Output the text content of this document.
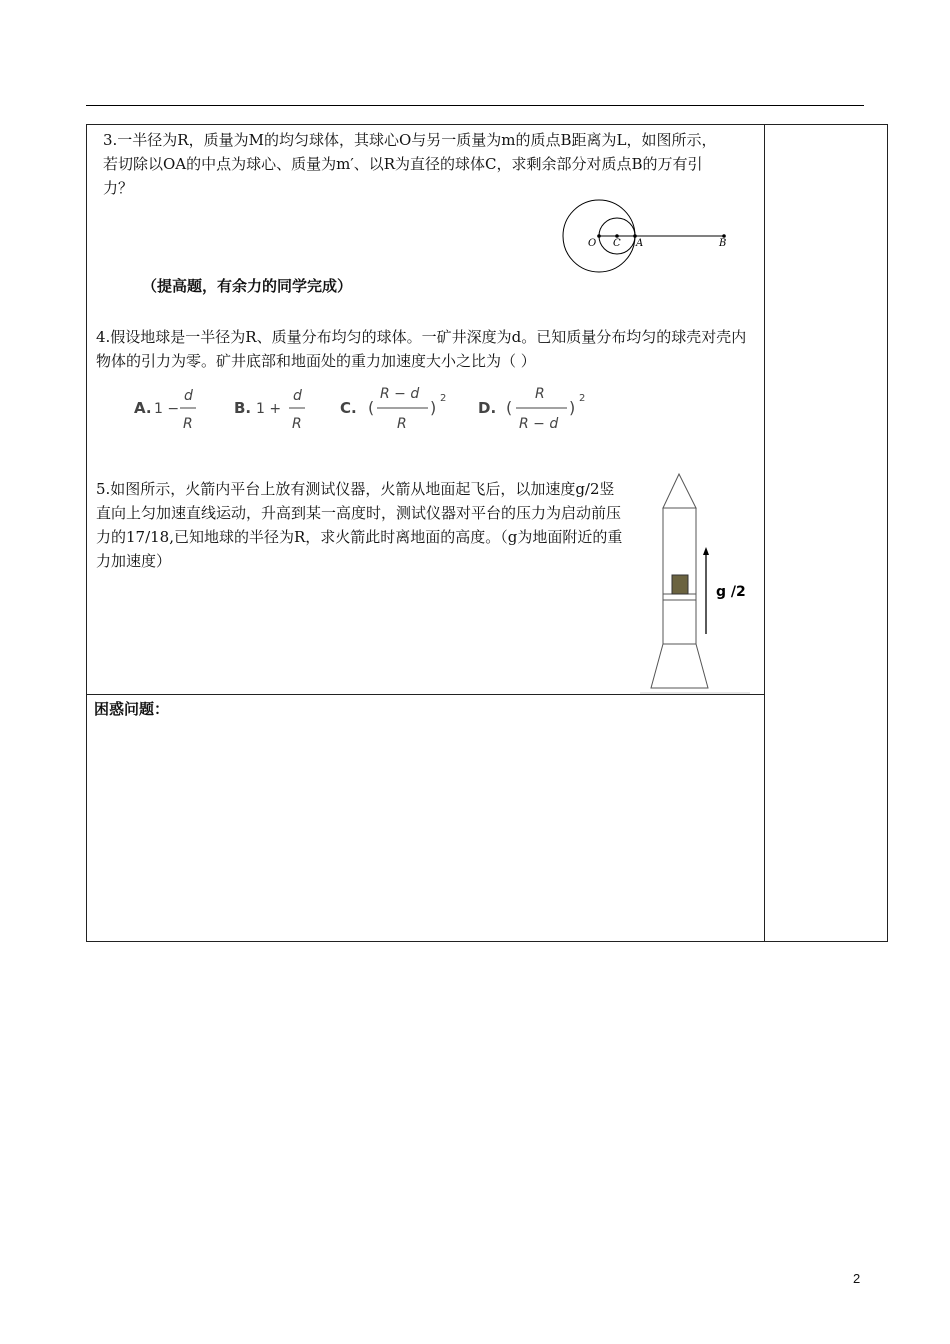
3.一半径为R，质量为M的均匀球体，其球心O与另一质量为m的质点B距离为L，如图所示，若切除以OA的中点为球心、质量为m′、以R为直径的球体C，求剩余部分对质点B的万有引力？
O C A	B
（提高题，有余力的同学完成）
4.假设地球是一半径为R、质量分布均匀的球体。一矿井深度为d。已知质量分布均匀的球壳对壳内物体的引力为零。矿井底部和地面处的重力加速度大小之比为（ ）
A. 1 −
d
R
B. 1 +
d
R
C. (
R − d
R
) 2
D. (
R
R − d
) 2
5.如图所示，火箭内平台上放有测试仪器，火箭从地面起飞后，以加速度g/2竖直向上匀加速直线运动，升高到某一高度时，测试仪器对平台的压力为启动前压力的17/18,已知地球的半径为R，求火箭此时离地面的高度。（g为地面附近的重力加速度）
g /2
困惑问题：
2
